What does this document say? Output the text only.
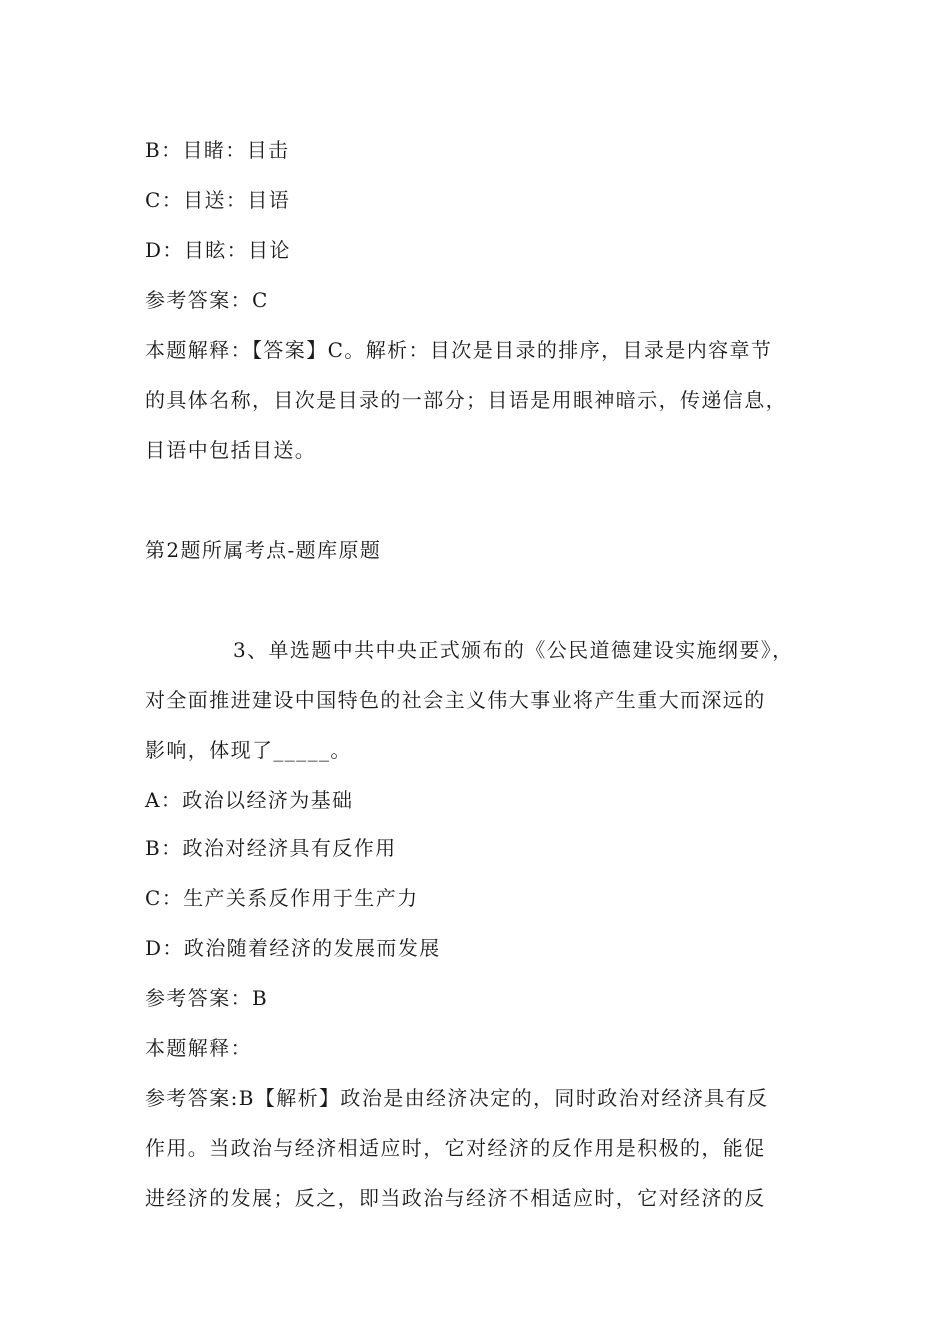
B：目睹：目击
C：目送：目语
D：目眩：目论
参考答案：C
本题解释：【答案】C。解析：目次是目录的排序，目录是内容章节
的具体名称，目次是目录的一部分；目语是用眼神暗示，传递信息，
目语中包括目送。
第2题所属考点-题库原题
3、单选题中共中央正式颁布的《公民道德建设实施纲要》，
对全面推进建设中国特色的社会主义伟大事业将产生重大而深远的
影响，体现了_____。
A：政治以经济为基础
B：政治对经济具有反作用
C：生产关系反作用于生产力
D：政治随着经济的发展而发展
参考答案：B
本题解释：
参考答案:B【解析】政治是由经济决定的，同时政治对经济具有反
作用。当政治与经济相适应时，它对经济的反作用是积极的，能促
进经济的发展；反之，即当政治与经济不相适应时，它对经济的反
